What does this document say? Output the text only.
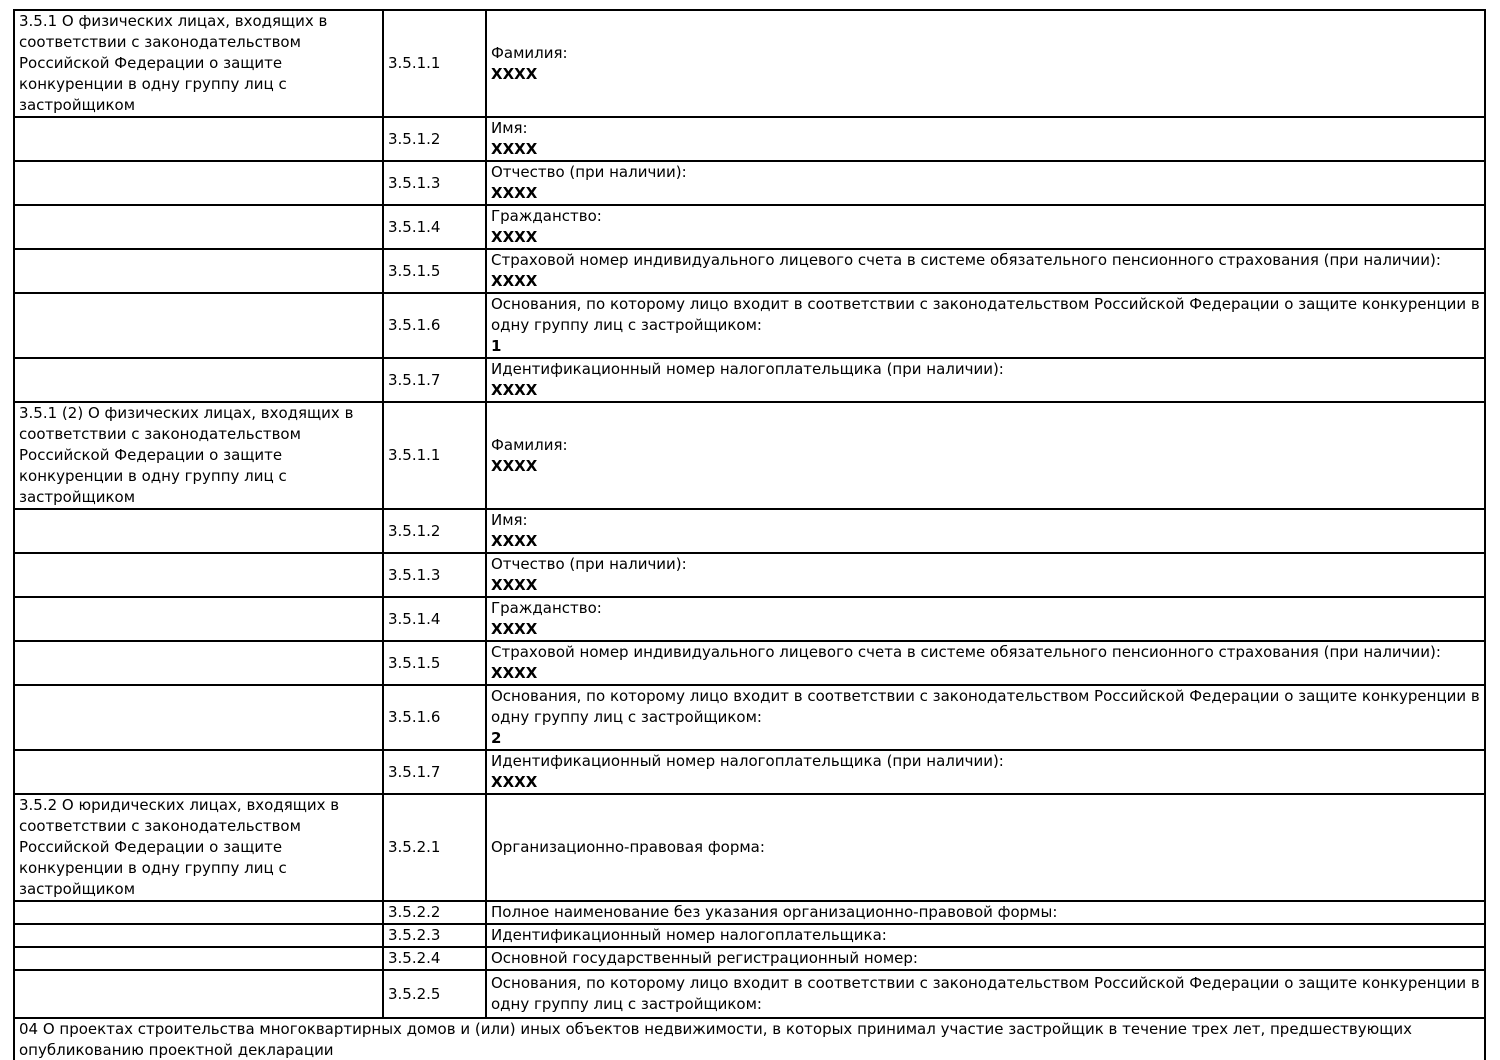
3.5.1 О физических лицах, входящих в соответствии с законодательством Российской Федерации о защите конкуренции в одну группу лиц с застройщиком	3.5.1.1	Фамилия:
XXXX

	3.5.1.2	Имя:
XXXX

	3.5.1.3	Отчество (при наличии):
XXXX

	3.5.1.4	Гражданство:
XXXX

	3.5.1.5	Страховой номер индивидуального лицевого счета в системе обязательного пенсионного страхования (при наличии):
XXXX

	3.5.1.6	Основания, по которому лицо входит в соответствии с законодательством Российской Федерации о защите конкуренции в одну группу лиц с застройщиком:
1

	3.5.1.7	Идентификационный номер налогоплательщика (при наличии):
XXXX

3.5.1 (2) О физических лицах, входящих в соответствии с законодательством Российской Федерации о защите конкуренции в одну группу лиц с застройщиком	3.5.1.1	Фамилия:
XXXX

	3.5.1.2	Имя:
XXXX

	3.5.1.3	Отчество (при наличии):
XXXX

	3.5.1.4	Гражданство:
XXXX

	3.5.1.5	Страховой номер индивидуального лицевого счета в системе обязательного пенсионного страхования (при наличии):
XXXX

	3.5.1.6	Основания, по которому лицо входит в соответствии с законодательством Российской Федерации о защите конкуренции в одну группу лиц с застройщиком:
2

	3.5.1.7	Идентификационный номер налогоплательщика (при наличии):
XXXX

3.5.2 О юридических лицах, входящих в соответствии с законодательством Российской Федерации о защите конкуренции в одну группу лиц с застройщиком	3.5.2.1	Организационно-правовая форма:

	3.5.2.2	Полное наименование без указания организационно-правовой формы:

	3.5.2.3	Идентификационный номер налогоплательщика:

	3.5.2.4	Основной государственный регистрационный номер:

	3.5.2.5	Основания, по которому лицо входит в соответствии с законодательством Российской Федерации о защите конкуренции в одну группу лиц с застройщиком:

04 О проектах строительства многоквартирных домов и (или) иных объектов недвижимости, в которых принимал участие застройщик в течение трех лет, предшествующих опубликованию проектной декларации		
